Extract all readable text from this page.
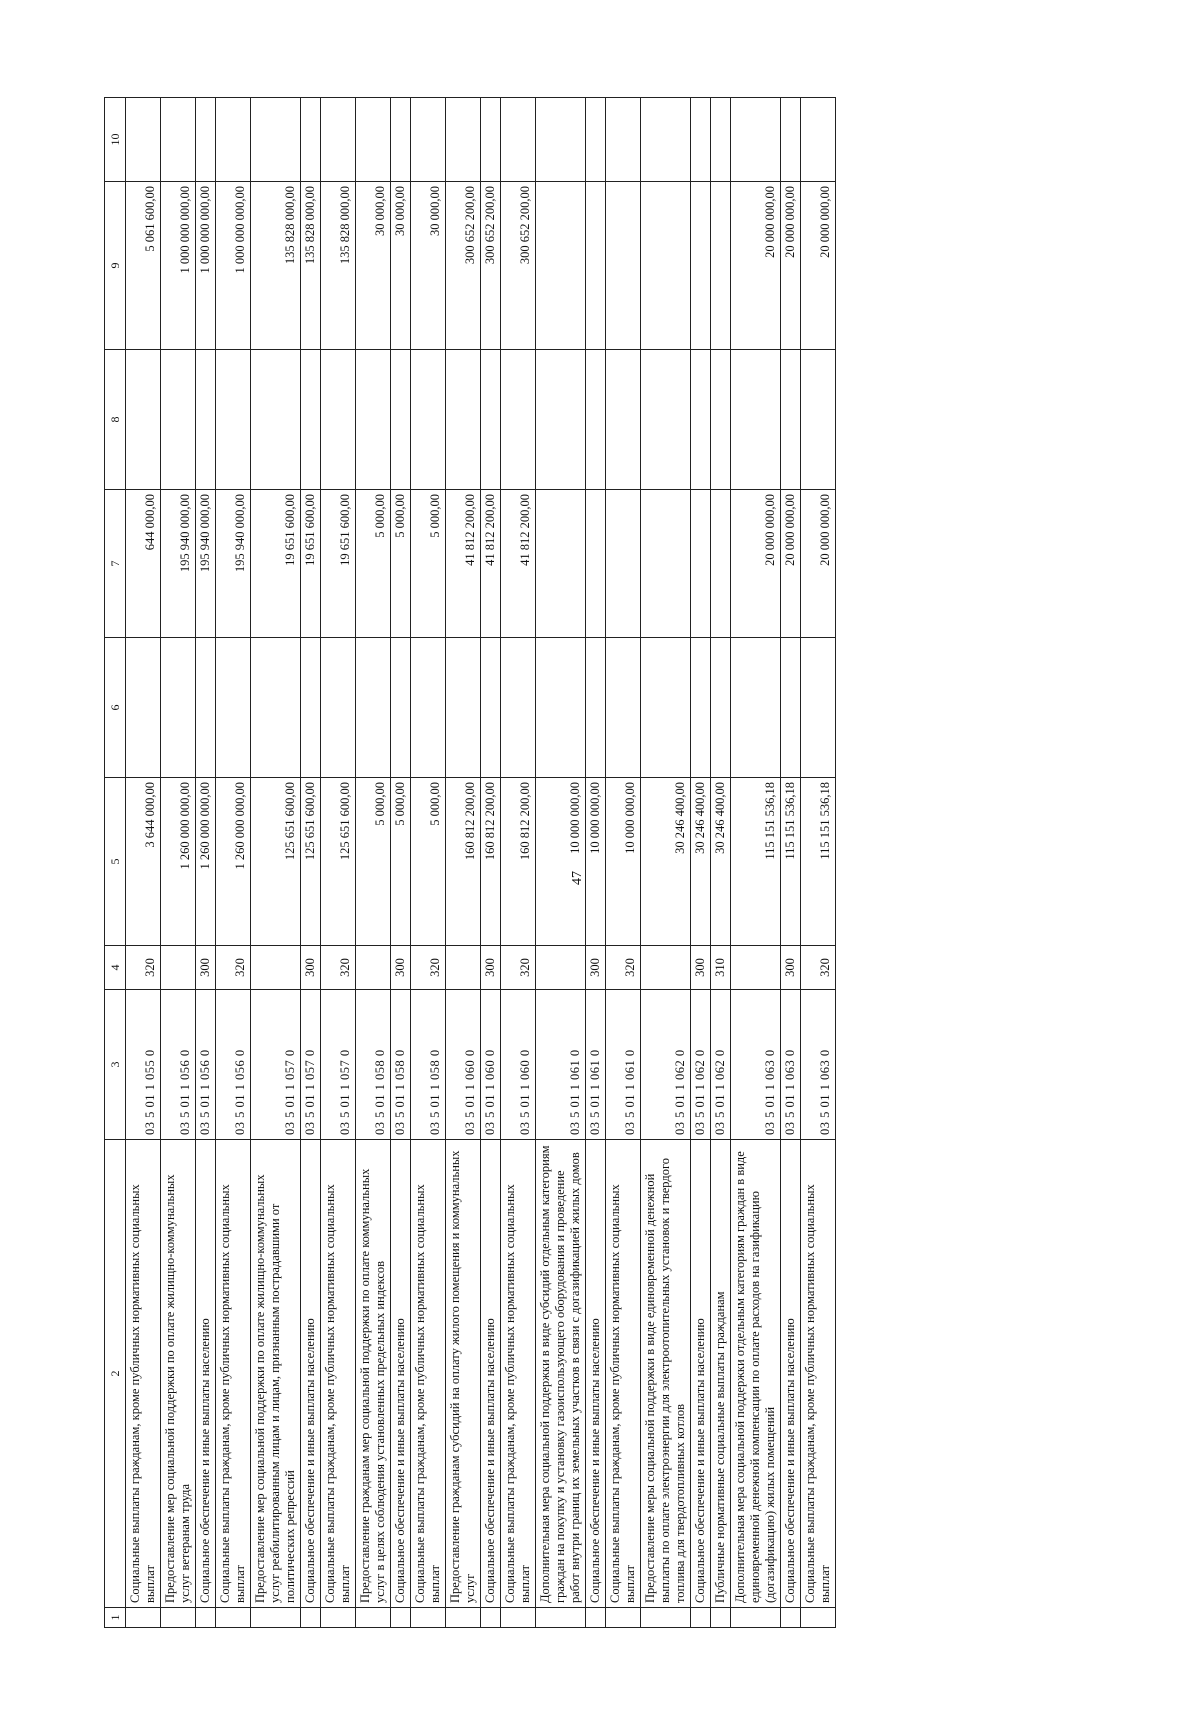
47
1	2	3	4	5	6	7	8	9	10
	Социальные выплаты гражданам, кроме публичных нормативных социальных выплат	03 5 01 1 055 0	320	3 644 000,00		644 000,00		5 061 600,00	
	Предоставление мер социальной поддержки по оплате жилищно-коммунальных услуг ветеранам труда	03 5 01 1 056 0		1 260 000 000,00		195 940 000,00		1 000 000 000,00	
	Социальное обеспечение и иные выплаты населению	03 5 01 1 056 0	300	1 260 000 000,00		195 940 000,00		1 000 000 000,00	
	Социальные выплаты гражданам, кроме публичных нормативных социальных выплат	03 5 01 1 056 0	320	1 260 000 000,00		195 940 000,00		1 000 000 000,00	
	Предоставление мер социальной поддержки по оплате жилищно-коммунальных услуг реабилитированным лицам и лицам, признанным пострадавшими от политических репрессий	03 5 01 1 057 0		125 651 600,00		19 651 600,00		135 828 000,00	
	Социальное обеспечение и иные выплаты населению	03 5 01 1 057 0	300	125 651 600,00		19 651 600,00		135 828 000,00	
	Социальные выплаты гражданам, кроме публичных нормативных социальных выплат	03 5 01 1 057 0	320	125 651 600,00		19 651 600,00		135 828 000,00	
	Предоставление гражданам мер социальной поддержки по оплате коммунальных услуг в целях соблюдения установленных предельных индексов	03 5 01 1 058 0		5 000,00		5 000,00		30 000,00	
	Социальное обеспечение и иные выплаты населению	03 5 01 1 058 0	300	5 000,00		5 000,00		30 000,00	
	Социальные выплаты гражданам, кроме публичных нормативных социальных выплат	03 5 01 1 058 0	320	5 000,00		5 000,00		30 000,00	
	Предоставление гражданам субсидий на оплату жилого помещения и коммунальных услуг	03 5 01 1 060 0		160 812 200,00		41 812 200,00		300 652 200,00	
	Социальное обеспечение и иные выплаты населению	03 5 01 1 060 0	300	160 812 200,00		41 812 200,00		300 652 200,00	
	Социальные выплаты гражданам, кроме публичных нормативных социальных выплат	03 5 01 1 060 0	320	160 812 200,00		41 812 200,00		300 652 200,00	
	Дополнительная мера социальной поддержки в виде субсидий отдельным категориям граждан на покупку и установку газоиспользующего оборудования и проведение работ внутри границ их земельных участков в связи с догазификацией жилых домов	03 5 01 1 061 0		10 000 000,00					
	Социальное обеспечение и иные выплаты населению	03 5 01 1 061 0	300	10 000 000,00					
	Социальные выплаты гражданам, кроме публичных нормативных социальных выплат	03 5 01 1 061 0	320	10 000 000,00					
	Предоставление меры социальной поддержки в виде единовременной денежной выплаты по оплате электроэнергии для электроотопительных установок и твердого топлива для твердотопливных котлов	03 5 01 1 062 0		30 246 400,00					
	Социальное обеспечение и иные выплаты населению	03 5 01 1 062 0	300	30 246 400,00					
	Публичные нормативные социальные выплаты гражданам	03 5 01 1 062 0	310	30 246 400,00					
	Дополнительная мера социальной поддержки отдельным категориям граждан в виде единовременной денежной компенсации по оплате расходов на газификацию (догазификацию) жилых помещений	03 5 01 1 063 0		115 151 536,18		20 000 000,00		20 000 000,00	
	Социальное обеспечение и иные выплаты населению	03 5 01 1 063 0	300	115 151 536,18		20 000 000,00		20 000 000,00	
	Социальные выплаты гражданам, кроме публичных нормативных социальных выплат	03 5 01 1 063 0	320	115 151 536,18		20 000 000,00		20 000 000,00	
